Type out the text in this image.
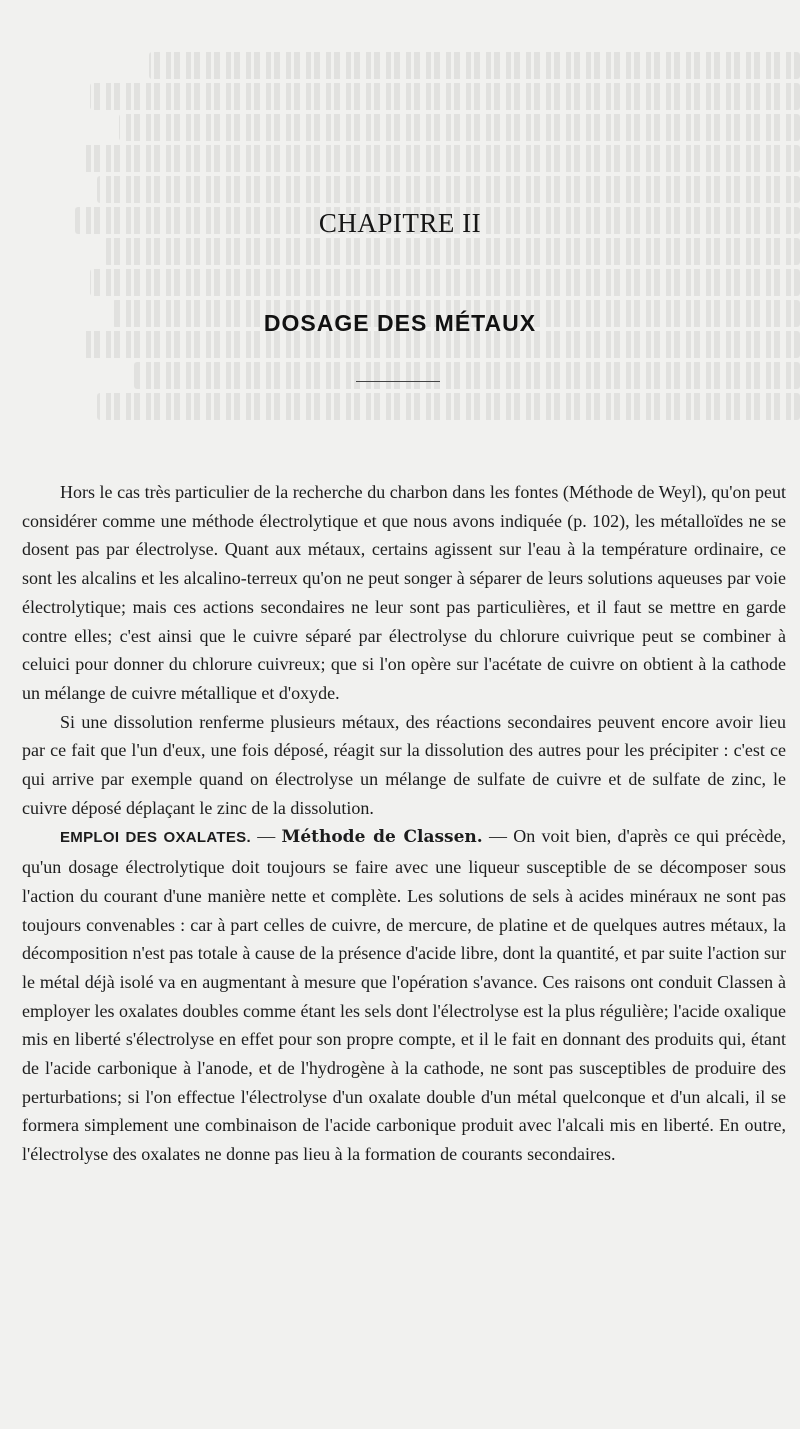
CHAPITRE II
DOSAGE DES MÉTAUX

Hors le cas très particulier de la recherche du charbon dans les fontes (Méthode de Weyl), qu'on peut considérer comme une méthode électrolytique et que nous avons indiquée (p. 102), les métalloïdes ne se dosent pas par électrolyse. Quant aux métaux, certains agissent sur l'eau à la température ordinaire, ce sont les alcalins et les alcalino-terreux qu'on ne peut songer à séparer de leurs solutions aqueuses par voie électrolytique; mais ces actions secondaires ne leur sont pas particulières, et il faut se mettre en garde contre elles; c'est ainsi que le cuivre séparé par électrolyse du chlorure cuivrique peut se combiner à celuici pour donner du chlorure cuivreux; que si l'on opère sur l'acétate de cuivre on obtient à la cathode un mélange de cuivre métallique et d'oxyde.

Si une dissolution renferme plusieurs métaux, des réactions secondaires peuvent encore avoir lieu par ce fait que l'un d'eux, une fois déposé, réagit sur la dissolution des autres pour les précipiter : c'est ce qui arrive par exemple quand on électrolyse un mélange de sulfate de cuivre et de sulfate de zinc, le cuivre déposé déplaçant le zinc de la dissolution.

EMPLOI DES OXALATES. — Méthode de Classen. — On voit bien, d'après ce qui précède, qu'un dosage électrolytique doit toujours se faire avec une liqueur susceptible de se décomposer sous l'action du courant d'une manière nette et complète. Les solutions de sels à acides minéraux ne sont pas toujours convenables : car à part celles de cuivre, de mercure, de platine et de quelques autres métaux, la décomposition n'est pas totale à cause de la présence d'acide libre, dont la quantité, et par suite l'action sur le métal déjà isolé va en augmentant à mesure que l'opération s'avance. Ces raisons ont conduit Classen à employer les oxalates doubles comme étant les sels dont l'électrolyse est la plus régulière; l'acide oxalique mis en liberté s'électrolyse en effet pour son propre compte, et il le fait en donnant des produits qui, étant de l'acide carbonique à l'anode, et de l'hydrogène à la cathode, ne sont pas susceptibles de produire des perturbations; si l'on effectue l'électrolyse d'un oxalate double d'un métal quelconque et d'un alcali, il se formera simplement une combinaison de l'acide carbonique produit avec l'alcali mis en liberté. En outre, l'électrolyse des oxalates ne donne pas lieu à la formation de courants secondaires.
